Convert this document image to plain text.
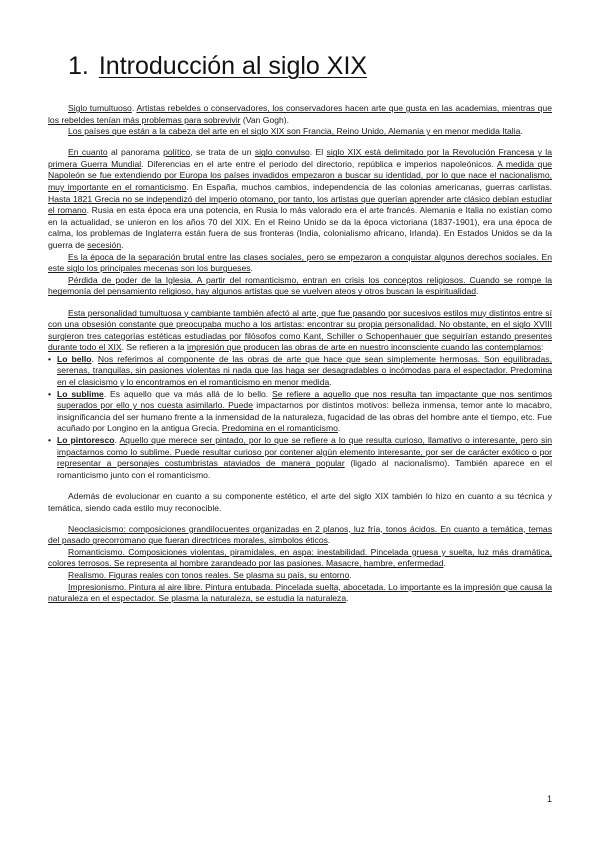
1. Introducción al siglo XIX

Siglo tumultuoso. Artistas rebeldes o conservadores, los conservadores hacen arte que gusta en las academias, mientras que los rebeldes tenían más problemas para sobrevivir (Van Gogh).

Los países que están a la cabeza del arte en el siglo XIX son Francia, Reino Unido, Alemania y en menor medida Italia.

En cuanto al panorama político, se trata de un siglo convulso. El siglo XIX está delimitado por la Revolución Francesa y la primera Guerra Mundial. Diferencias en el arte entre el periodo del directorio, república e imperios napoleónicos. A medida que Napoleón se fue extendiendo por Europa los países invadidos empezaron a buscar su identidad, por lo que nace el nacionalismo, muy importante en el romanticismo. En España, muchos cambios, independencia de las colonias americanas, guerras carlistas. Hasta 1821 Grecia no se independizó del imperio otomano, por tanto, los artistas que querían aprender arte clásico debían estudiar el romano. Rusia en esta época era una potencia, en Rusia lo más valorado era el arte francés. Alemania e Italia no existían como en la actualidad, se unieron en los años 70 del XIX. En el Reino Unido se da la época victoriana (1837-1901), era una época de calma, los problemas de Inglaterra están fuera de sus fronteras (India, colonialismo africano, Irlanda). En Estados Unidos se da la guerra de secesión.

Es la época de la separación brutal entre las clases sociales, pero se empezaron a conquistar algunos derechos sociales. En este siglo los principales mecenas son los burgueses.

Pérdida de poder de la Iglesia. A partir del romanticismo, entran en crisis los conceptos religiosos. Cuando se rompe la hegemonía del pensamiento religioso, hay algunos artistas que se vuelven ateos y otros buscan la espiritualidad.

Esta personalidad tumultuosa y cambiante también afectó al arte, que fue pasando por sucesivos estilos muy distintos entre sí con una obsesión constante que preocupaba mucho a los artistas: encontrar su propia personalidad. No obstante, en el siglo XVIII surgieron tres categorías estéticas estudiadas por filósofos como Kant, Schiller o Schopenhauer que seguirían estando presentes durante todo el XIX. Se refieren a la impresión que producen las obras de arte en nuestro inconsciente cuando las contemplamos:

• Lo bello. Nos referimos al componente de las obras de arte que hace que sean simplemente hermosas. Son equilibradas, serenas, tranquilas, sin pasiones violentas ni nada que las haga ser desagradables o incómodas para el espectador. Predomina en el clasicismo y lo encontramos en el romanticismo en menor medida.
• Lo sublime. Es aquello que va más allá de lo bello. Se refiere a aquello que nos resulta tan impactante que nos sentimos superados por ello y nos cuesta asimilarlo. Puede impactarnos por distintos motivos: belleza inmensa, temor ante lo macabro, insignificancia del ser humano frente a la inmensidad de la naturaleza, fugacidad de las obras del hombre ante el tiempo, etc. Fue acuñado por Longino en la antigua Grecia. Predomina en el romanticismo.
• Lo pintoresco. Aquello que merece ser pintado, por lo que se refiere a lo que resulta curioso, llamativo o interesante, pero sin impactarnos como lo sublime. Puede resultar curioso por contener algún elemento interesante, por ser de carácter exótico o por representar a personajes costumbristas ataviados de manera popular (ligado al nacionalismo). También aparece en el romanticismo junto con el romanticismo.

Además de evolucionar en cuanto a su componente estético, el arte del siglo XIX también lo hizo en cuanto a su técnica y temática, siendo cada estilo muy reconocible.

Neoclasicismo: composiciones grandilocuentes organizadas en 2 planos, luz fría, tonos ácidos. En cuanto a temática, temas del pasado grecorromano que fueran directrices morales, símbolos éticos.

Romanticismo. Composiciones violentas, piramidales, en aspa: inestabilidad. Pincelada gruesa y suelta, luz más dramática, colores terrosos. Se representa al hombre zarandeado por las pasiones. Masacre, hambre, enfermedad.

Realismo. Figuras reales con tonos reales. Se plasma su país, su entorno.

Impresionismo. Pintura al aire libre. Pintura entubada. Pincelada suelta, abocetada. Lo importante es la impresión que causa la naturaleza en el espectador. Se plasma la naturaleza, se estudia la naturaleza.

1
